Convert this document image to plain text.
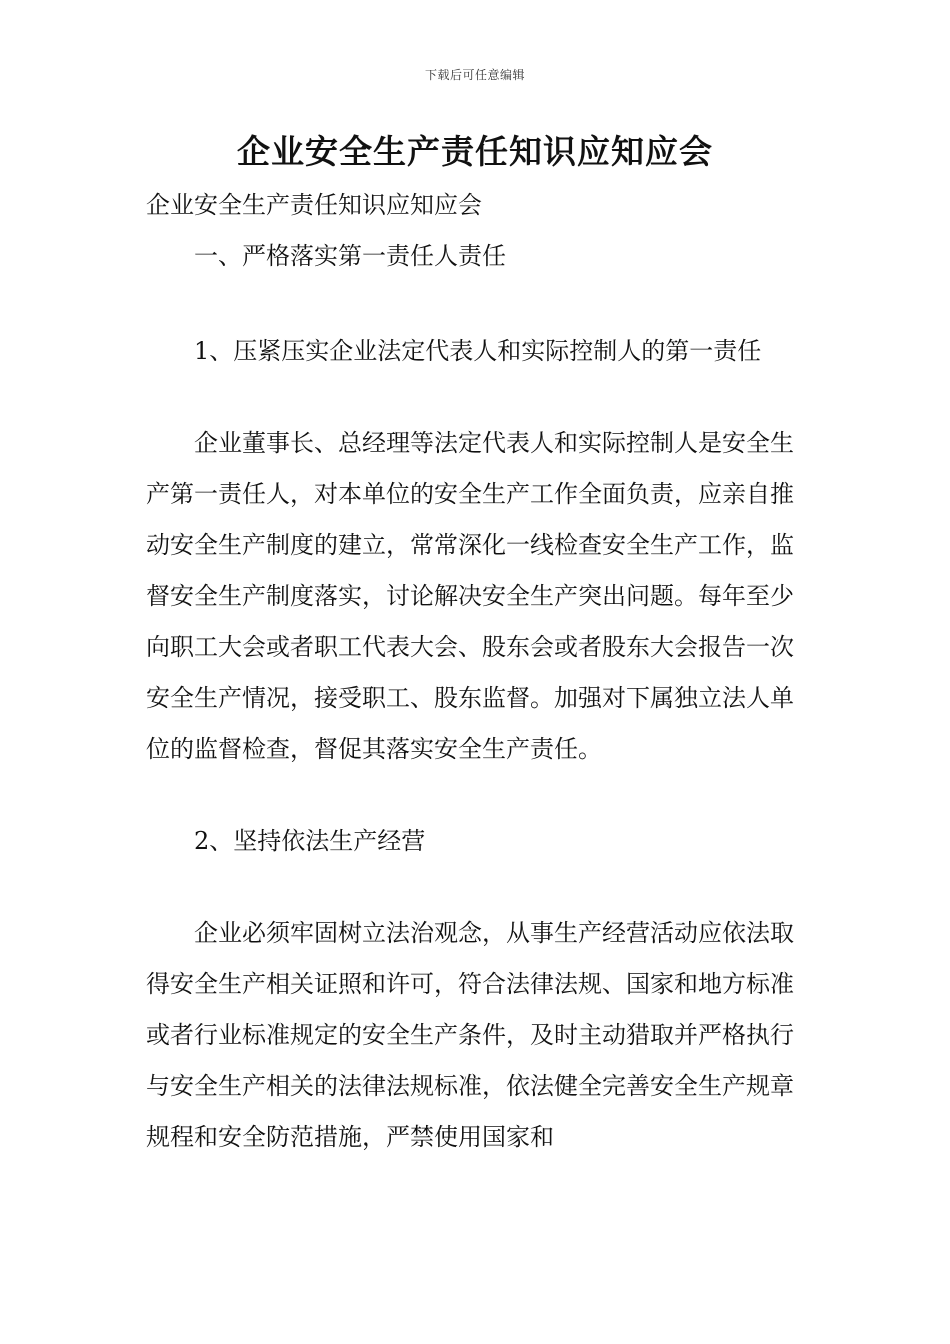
下载后可任意编辑
企业安全生产责任知识应知应会

企业安全生产责任知识应知应会

一、严格落实第一责任人责任

1、压紧压实企业法定代表人和实际控制人的第一责任

企业董事长、总经理等法定代表人和实际控制人是安全生产第一责任人，对本单位的安全生产工作全面负责，应亲自推动安全生产制度的建立，常常深化一线检查安全生产工作，监督安全生产制度落实，讨论解决安全生产突出问题。每年至少向职工大会或者职工代表大会、股东会或者股东大会报告一次安全生产情况，接受职工、股东监督。加强对下属独立法人单位的监督检查，督促其落实安全生产责任。

2、坚持依法生产经营

企业必须牢固树立法治观念，从事生产经营活动应依法取得安全生产相关证照和许可，符合法律法规、国家和地方标准或者行业标准规定的安全生产条件，及时主动猎取并严格执行与安全生产相关的法律法规标准，依法健全完善安全生产规章规程和安全防范措施，严禁使用国家和
